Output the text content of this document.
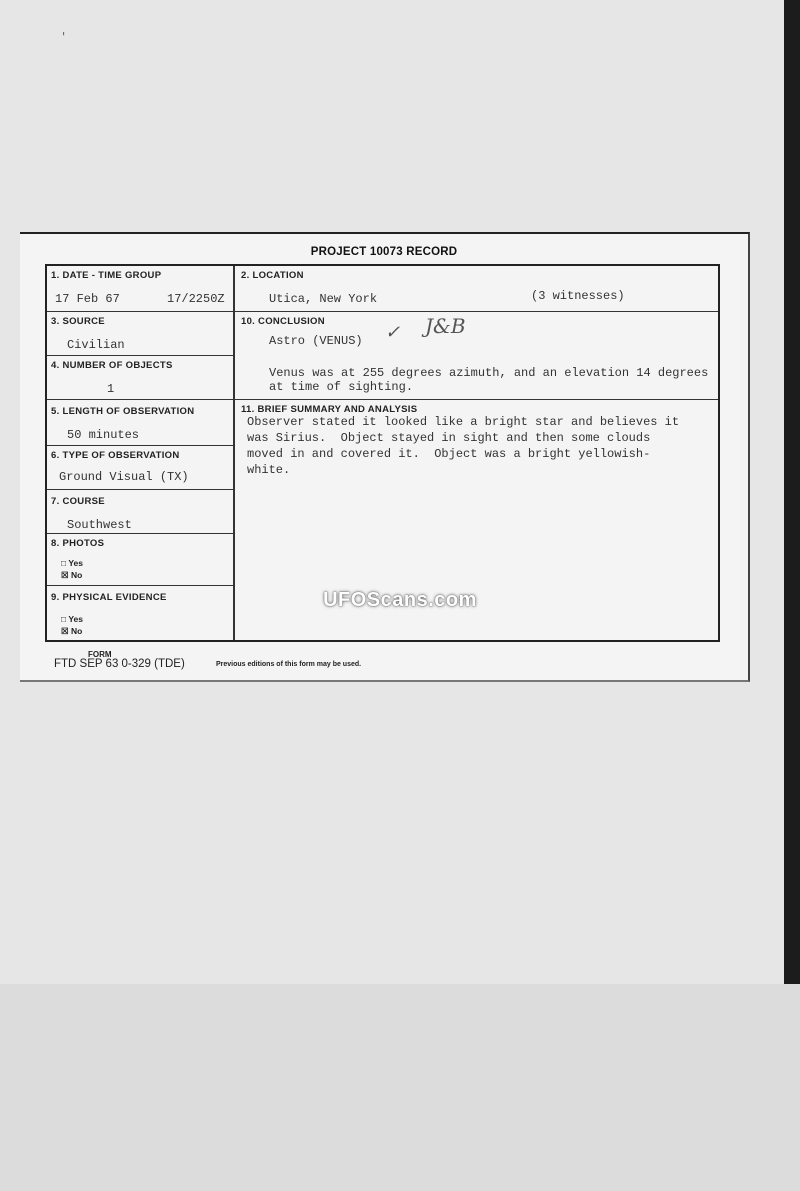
'
PROJECT 10073 RECORD
1. DATE - TIME GROUP
17 Feb 67	17/2250Z
3. SOURCE
Civilian
4. NUMBER OF OBJECTS
1
5. LENGTH OF OBSERVATION
50 minutes
6. TYPE OF OBSERVATION
Ground Visual (TX)
7. COURSE
Southwest
8. PHOTOS
□ Yes
☒ No
9. PHYSICAL EVIDENCE
□ Yes
☒ No
2. LOCATION
Utica, New York	(3 witnesses)
10. CONCLUSION
Astro (VENUS) ✓ J&B
Venus was at 255 degrees azimuth, and an elevation 14 degrees
at time of sighting.
11. BRIEF SUMMARY AND ANALYSIS
Observer stated it looked like a bright star and believes it
was Sirius.  Object stayed in sight and then some clouds
moved in and covered it.  Object was a bright yellowish-
white.
FORM
FTD SEP 63 0-329 (TDE)	Previous editions of this form may be used.
UFOScans.com
